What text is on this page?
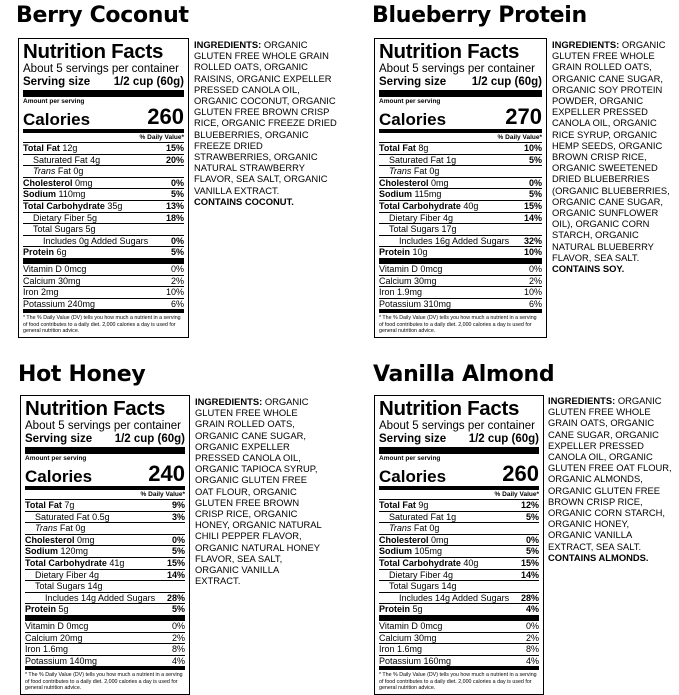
Berry Coconut
Nutrition Facts
About 5 servings per container
Serving size 1/2 cup (60g)
Amount per serving
Calories	260
% Daily Value*
Total Fat 12g	15%
Saturated Fat 4g	20%
Trans Fat 0g
Cholesterol 0mg	0%
Sodium 110mg	5%
Total Carbohydrate 35g	13%
Dietary Fiber 5g	18%
Total Sugars 5g
Includes 0g Added Sugars	0%
Protein 6g	5%
Vitamin D 0mcg	0%
Calcium 30mg	2%
Iron 2mg	10%
Potassium 240mg	6%
* The % Daily Value (DV) tells you how much a nutrient in a serving of food contributes to a daily diet. 2,000 calories a day is used for general nutrition advice.
INGREDIENTS: ORGANIC GLUTEN FREE WHOLE GRAIN ROLLED OATS, ORGANIC RAISINS, ORGANIC EXPELLER PRESSED CANOLA OIL, ORGANIC COCONUT, ORGANIC GLUTEN FREE BROWN CRISP RICE, ORGANIC FREEZE DRIED BLUEBERRIES, ORGANIC FREEZE DRIED STRAWBERRIES, ORGANIC NATURAL STRAWBERRY FLAVOR, SEA SALT, ORGANIC VANILLA EXTRACT.
CONTAINS COCONUT.
Blueberry Protein
Nutrition Facts
About 5 servings per container
Serving size 1/2 cup (60g)
Amount per serving
Calories	270
% Daily Value*
Total Fat 8g	10%
Saturated Fat 1g	5%
Trans Fat 0g
Cholesterol 0mg	0%
Sodium 115mg	5%
Total Carbohydrate 40g	15%
Dietary Fiber 4g	14%
Total Sugars 17g
Includes 16g Added Sugars 32%
Protein 10g	10%
Vitamin D 0mcg	0%
Calcium 30mg	2%
Iron 1.9mg	10%
Potassium 310mg	6%
* The % Daily Value (DV) tells you how much a nutrient in a serving of food contributes to a daily diet. 2,000 calories a day is used for general nutrition advice.
INGREDIENTS: ORGANIC GLUTEN FREE WHOLE GRAIN ROLLED OATS, ORGANIC CANE SUGAR, ORGANIC SOY PROTEIN POWDER, ORGANIC EXPELLER PRESSED CANOLA OIL, ORGANIC RICE SYRUP, ORGANIC HEMP SEEDS, ORGANIC BROWN CRISP RICE, ORGANIC SWEETENED DRIED BLUEBERRIES (ORGANIC BLUEBERRIES, ORGANIC CANE SUGAR, ORGANIC SUNFLOWER OIL), ORGANIC CORN STARCH, ORGANIC NATURAL BLUEBERRY FLAVOR, SEA SALT.
CONTAINS SOY.
Hot Honey
Nutrition Facts
About 5 servings per container
Serving size 1/2 cup (60g)
Amount per serving
Calories	240
% Daily Value*
Total Fat 7g	9%
Saturated Fat 0.5g	3%
Trans Fat 0g
Cholesterol 0mg	0%
Sodium 120mg	5%
Total Carbohydrate 41g	15%
Dietary Fiber 4g	14%
Total Sugars 14g
Includes 14g Added Sugars 28%
Protein 5g	5%
Vitamin D 0mcg	0%
Calcium 20mg	2%
Iron 1.6mg	8%
Potassium 140mg	4%
* The % Daily Value (DV) tells you how much a nutrient in a serving of food contributes to a daily diet. 2,000 calories a day is used for general nutrition advice.
INGREDIENTS: ORGANIC GLUTEN FREE WHOLE GRAIN ROLLED OATS, ORGANIC CANE SUGAR, ORGANIC EXPELLER PRESSED CANOLA OIL, ORGANIC TAPIOCA SYRUP, ORGANIC GLUTEN FREE OAT FLOUR, ORGANIC GLUTEN FREE BROWN CRISP RICE, ORGANIC HONEY, ORGANIC NATURAL CHILI PEPPER FLAVOR, ORGANIC NATURAL HONEY FLAVOR, SEA SALT, ORGANIC VANILLA EXTRACT.
Vanilla Almond
Nutrition Facts
About 5 servings per container
Serving size 1/2 cup (60g)
Amount per serving
Calories	260
% Daily Value*
Total Fat 9g	12%
Saturated Fat 1g	5%
Trans Fat 0g
Cholesterol 0mg	0%
Sodium 105mg	5%
Total Carbohydrate 40g	15%
Dietary Fiber 4g	14%
Total Sugars 14g
Includes 14g Added Sugars 28%
Protein 5g	4%
Vitamin D 0mcg	0%
Calcium 30mg	2%
Iron 1.6mg	8%
Potassium 160mg	4%
* The % Daily Value (DV) tells you how much a nutrient in a serving of food contributes to a daily diet. 2,000 calories a day is used for general nutrition advice.
INGREDIENTS: ORGANIC GLUTEN FREE WHOLE GRAIN OATS, ORGANIC CANE SUGAR, ORGANIC EXPELLER PRESSED CANOLA OIL, ORGANIC GLUTEN FREE OAT FLOUR, ORGANIC ALMONDS, ORGANIC GLUTEN FREE BROWN CRISP RICE, ORGANIC CORN STARCH, ORGANIC HONEY, ORGANIC VANILLA EXTRACT, SEA SALT.
CONTAINS ALMONDS.
